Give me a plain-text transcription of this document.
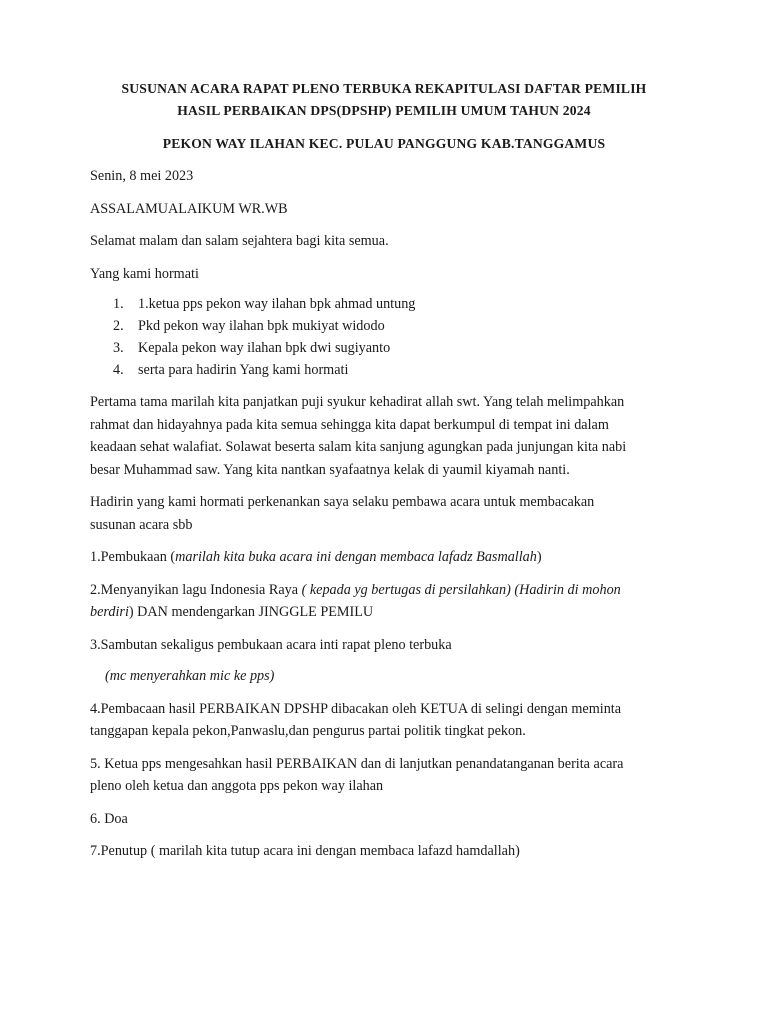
SUSUNAN ACARA RAPAT PLENO TERBUKA REKAPITULASI DAFTAR PEMILIH
HASIL PERBAIKAN DPS(DPSHP) PEMILIH UMUM TAHUN 2024
PEKON WAY ILAHAN KEC. PULAU PANGGUNG KAB.TANGGAMUS

Senin, 8 mei 2023

ASSALAMUALAIKUM WR.WB

Selamat malam dan salam sejahtera bagi kita semua.

Yang kami hormati

1.	1.ketua pps pekon way ilahan bpk ahmad untung
2.	Pkd pekon way ilahan bpk mukiyat widodo
3.	Kepala pekon way ilahan bpk dwi sugiyanto
4.	serta para hadirin Yang kami hormati

Pertama tama marilah kita panjatkan puji syukur kehadirat allah swt. Yang telah melimpahkan
rahmat dan hidayahnya pada kita semua sehingga kita dapat berkumpul di tempat ini dalam
keadaan sehat walafiat. Solawat beserta salam kita sanjung agungkan pada junjungan kita nabi
besar Muhammad saw. Yang kita nantkan syafaatnya kelak di yaumil kiyamah nanti.

Hadirin yang kami hormati perkenankan saya selaku pembawa acara untuk membacakan
susunan acara sbb

1.Pembukaan (marilah kita buka acara ini dengan membaca lafadz Basmallah)

2.Menyanyikan lagu Indonesia Raya ( kepada yg bertugas di persilahkan) (Hadirin di mohon
berdiri) DAN mendengarkan JINGGLE PEMILU

3.Sambutan sekaligus pembukaan acara inti rapat pleno terbuka

(mc menyerahkan mic ke pps)

4.Pembacaan hasil PERBAIKAN DPSHP dibacakan oleh KETUA di selingi dengan meminta
tanggapan kepala pekon,Panwaslu,dan pengurus partai politik tingkat pekon.

5. Ketua pps mengesahkan hasil PERBAIKAN dan di lanjutkan penandatanganan berita acara
pleno oleh ketua dan anggota pps pekon way ilahan

6. Doa

7.Penutup ( marilah kita tutup acara ini dengan membaca lafazd hamdallah)
